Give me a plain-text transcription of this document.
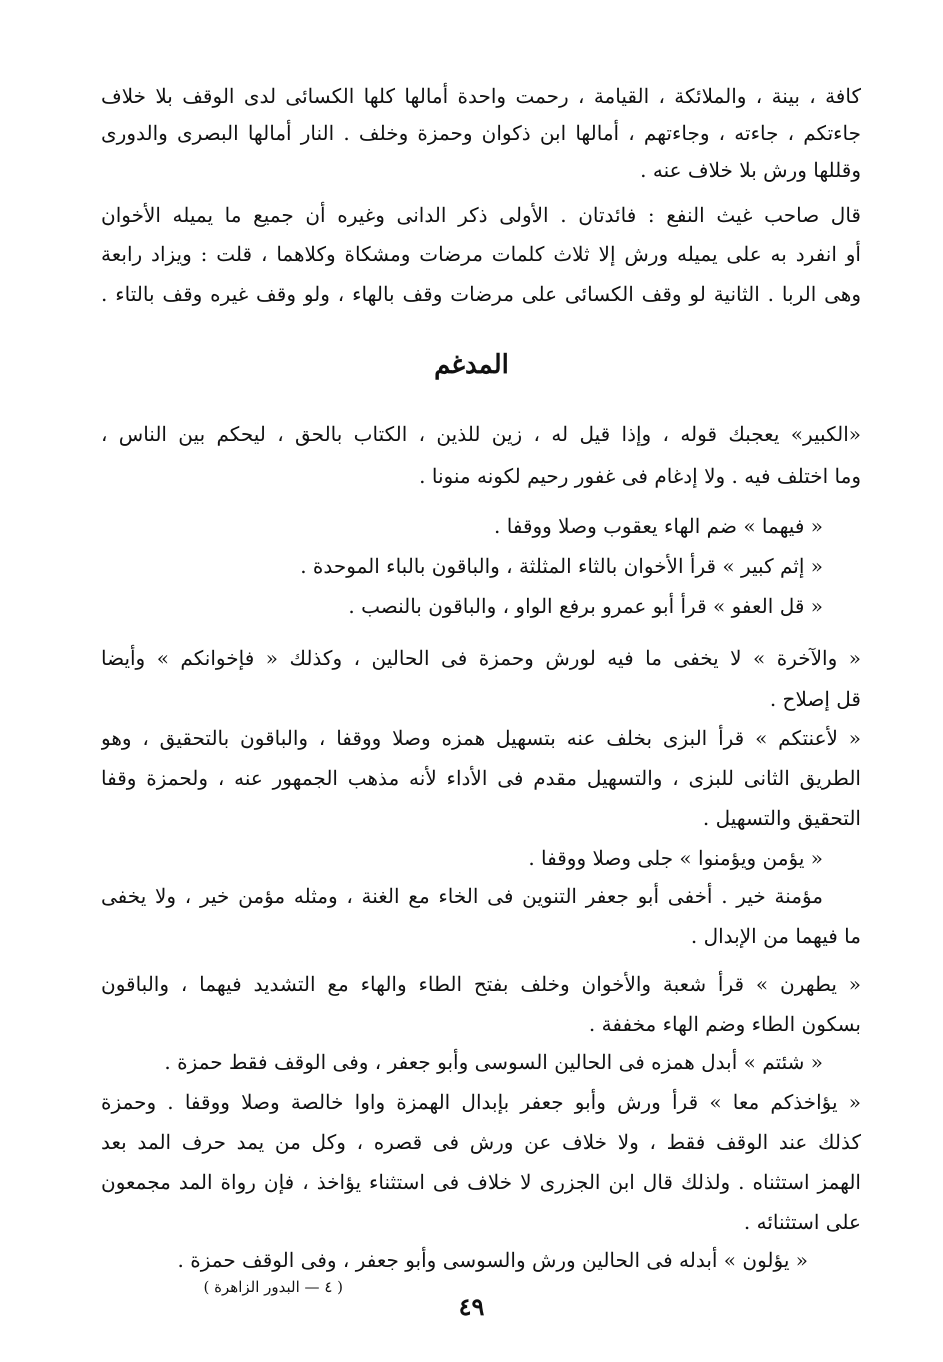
كافة ، بينة ، والملائكة ، القيامة ، رحمت واحدة أمالها كلها الكسائى لدى الوقف بلا خلاف
جاءتكم ، جاءته ، وجاءتهم ، أمالها ابن ذكوان وحمزة وخلف . النار أمالها البصرى والدورى
وقللها ورش بلا خلاف عنه .
قال صاحب غيث النفع : فائدتان . الأولى ذكر الدانى وغيره أن جميع ما يميله الأخوان
أو انفرد به على يميله ورش إلا ثلاث كلمات مرضات ومشكاة وكلاهما ، قلت : ويزاد رابعة
وهى الربا . الثانية لو وقف الكسائى على مرضات وقف بالهاء ، ولو وقف غيره وقف بالتاء .
المدغم
«الكبير» يعجبك قوله ، وإذا قيل له ، زين للذين ، الكتاب بالحق ، ليحكم بين الناس ،
وما اختلف فيه . ولا إدغام فى غفور رحيم لكونه منونا .
« فيهما » ضم الهاء يعقوب وصلا ووقفا .
« إثم كبير » قرأ الأخوان بالثاء المثلثة ، والباقون بالباء الموحدة .
« قل العفو » قرأ أبو عمرو برفع الواو ، والباقون بالنصب .
« والآخرة » لا يخفى ما فيه لورش وحمزة فى الحالين ، وكذلك « فإخوانكم » وأيضا
قل إصلاح .
« لأعنتكم » قرأ البزى بخلف عنه بتسهيل همزه وصلا ووقفا ، والباقون بالتحقيق ، وهو
الطريق الثانى للبزى ، والتسهيل مقدم فى الأداء لأنه مذهب الجمهور عنه ، ولحمزة وقفا
التحقيق والتسهيل .
« يؤمن ويؤمنوا » جلى وصلا ووقفا .
مؤمنة خير . أخفى أبو جعفر التنوين فى الخاء مع الغنة ، ومثله مؤمن خير ، ولا يخفى
ما فيهما من الإبدال .
« يطهرن » قرأ شعبة والأخوان وخلف بفتح الطاء والهاء مع التشديد فيهما ، والباقون
بسكون الطاء وضم الهاء مخففة .
« شئتم » أبدل همزه فى الحالين السوسى وأبو جعفر ، وفى الوقف فقط حمزة .
« يؤاخذكم معا » قرأ ورش وأبو جعفر بإبدال الهمزة واوا خالصة وصلا ووقفا . وحمزة
كذلك عند الوقف فقط ، ولا خلاف عن ورش فى قصره ، وكل من يمد حرف المد بعد
الهمز استثناه . ولذلك قال ابن الجزرى لا خلاف فى استثناء يؤاخذ ، فإن رواة المد مجمعون
على استثنائه .
« يؤلون » أبدله فى الحالين ورش والسوسى وأبو جعفر ، وفى الوقف حمزة .
( ٤ — البدور الزاهرة )
٤٩
